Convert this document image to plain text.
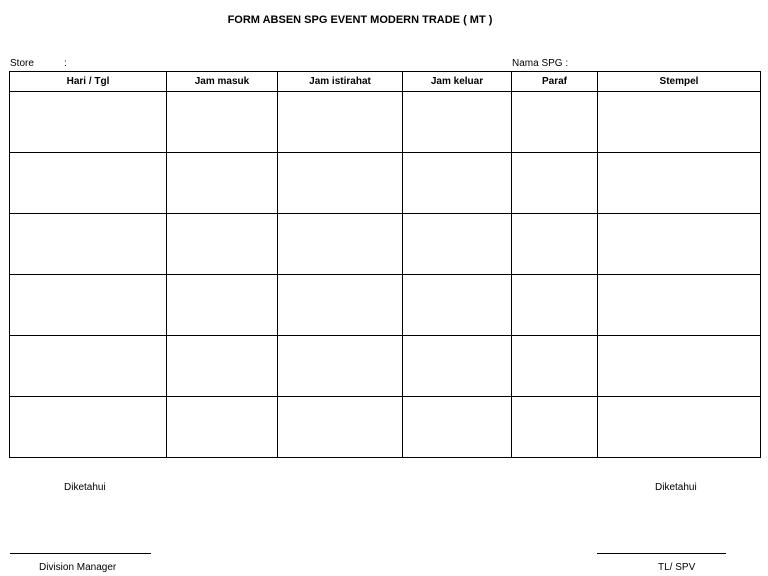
FORM ABSEN SPG EVENT MODERN TRADE ( MT )
Store	:	Nama SPG :
Hari / Tgl	Jam masuk	Jam istirahat	Jam keluar	Paraf	Stempel

Diketahui	Diketahui
Division Manager	TL/ SPV
